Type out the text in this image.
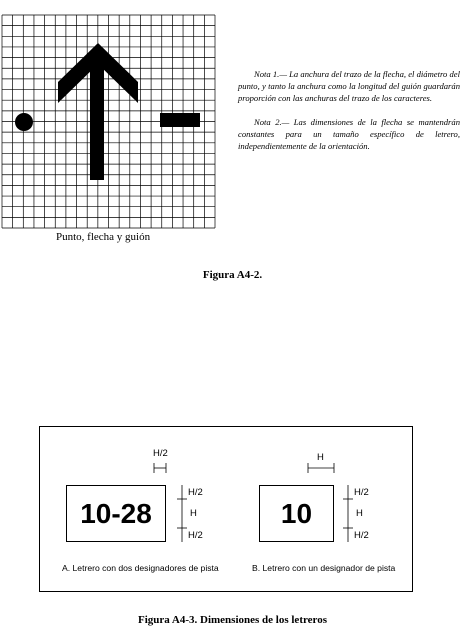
Nota 1.— La anchura del trazo de la flecha, el diámetro del punto, y tanto la anchura como la longitud del guión guardarán proporción con las anchuras del trazo de los caracteres.

Nota 2.— Las dimensiones de la flecha se mantendrán constantes para un tamaño específico de letrero, independientemente de la orientación.

Punto, flecha y guión
Figura A4-2.
10-28
H/2
H/2
H
H/2
A. Letrero con dos designadores de pista
10
H
H/2
H
H/2
B. Letrero con un designador de pista
Figura A4-3. Dimensiones de los letreros
